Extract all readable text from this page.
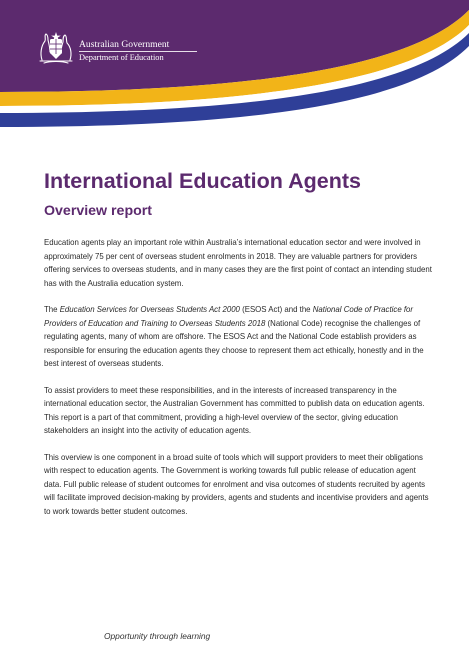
Australian Government
Department of Education
International Education Agents
Overview report

Education agents play an important role within Australia’s international education sector and were involved in approximately 75 per cent of overseas student enrolments in 2018. They are valuable partners for providers offering services to overseas students, and in many cases they are the first point of contact an intending student has with the Australia education system.

The Education Services for Overseas Students Act 2000 (ESOS Act) and the National Code of Practice for Providers of Education and Training to Overseas Students 2018 (National Code) recognise the challenges of regulating agents, many of whom are offshore. The ESOS Act and the National Code establish providers as responsible for ensuring the education agents they choose to represent them act ethically, honestly and in the best interest of overseas students.

To assist providers to meet these responsibilities, and in the interests of increased transparency in the international education sector, the Australian Government has committed to publish data on education agents. This report is a part of that commitment, providing a high-level overview of the sector, giving education stakeholders an insight into the activity of education agents.

This overview is one component in a broad suite of tools which will support providers to meet their obligations with respect to education agents. The Government is working towards full public release of education agent data. Full public release of student outcomes for enrolment and visa outcomes of students recruited by agents will facilitate improved decision-making by providers, agents and students and incentivise providers and agents to work towards better student outcomes.

Opportunity through learning
